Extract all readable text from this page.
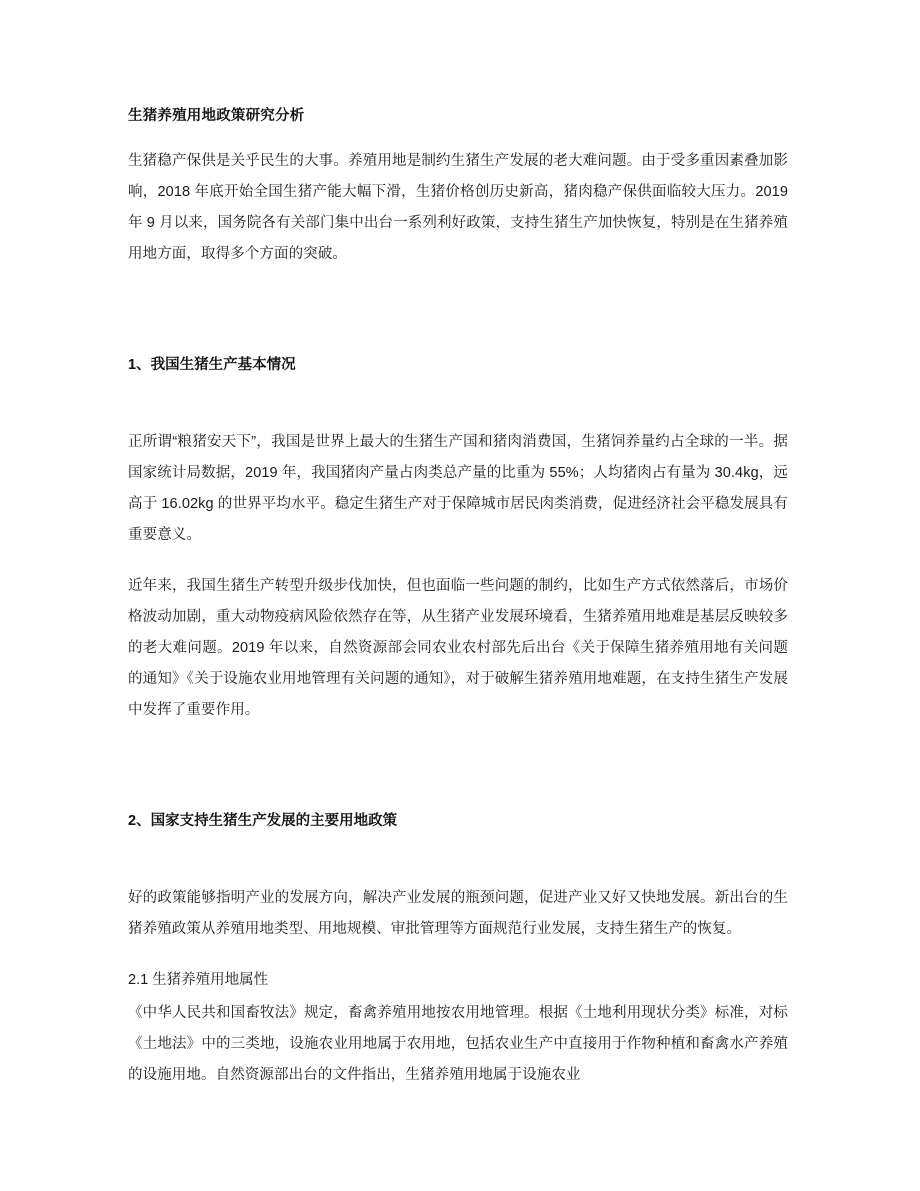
生猪养殖用地政策研究分析

生猪稳产保供是关乎民生的大事。养殖用地是制约生猪生产发展的老大难问题。由于受多重因素叠加影响，2018 年底开始全国生猪产能大幅下滑，生猪价格创历史新高，猪肉稳产保供面临较大压力。2019 年 9 月以来，国务院各有关部门集中出台一系列利好政策，支持生猪生产加快恢复，特别是在生猪养殖用地方面，取得多个方面的突破。

1、我国生猪生产基本情况

正所谓“粮猪安天下”，我国是世界上最大的生猪生产国和猪肉消费国，生猪饲养量约占全球的一半。据国家统计局数据，2019 年，我国猪肉产量占肉类总产量的比重为 55%；人均猪肉占有量为 30.4kg，远高于 16.02kg 的世界平均水平。稳定生猪生产对于保障城市居民肉类消费，促进经济社会平稳发展具有重要意义。

近年来，我国生猪生产转型升级步伐加快，但也面临一些问题的制约，比如生产方式依然落后，市场价格波动加剧，重大动物疫病风险依然存在等，从生猪产业发展环境看，生猪养殖用地难是基层反映较多的老大难问题。2019 年以来，自然资源部会同农业农村部先后出台《关于保障生猪养殖用地有关问题的通知》《关于设施农业用地管理有关问题的通知》，对于破解生猪养殖用地难题，在支持生猪生产发展中发挥了重要作用。

2、国家支持生猪生产发展的主要用地政策

好的政策能够指明产业的发展方向，解决产业发展的瓶颈问题，促进产业又好又快地发展。新出台的生猪养殖政策从养殖用地类型、用地规模、审批管理等方面规范行业发展，支持生猪生产的恢复。

2.1 生猪养殖用地属性

《中华人民共和国畜牧法》规定，畜禽养殖用地按农用地管理。根据《土地利用现状分类》标准，对标《土地法》中的三类地，设施农业用地属于农用地，包括农业生产中直接用于作物种植和畜禽水产养殖的设施用地。自然资源部出台的文件指出，生猪养殖用地属于设施农业
